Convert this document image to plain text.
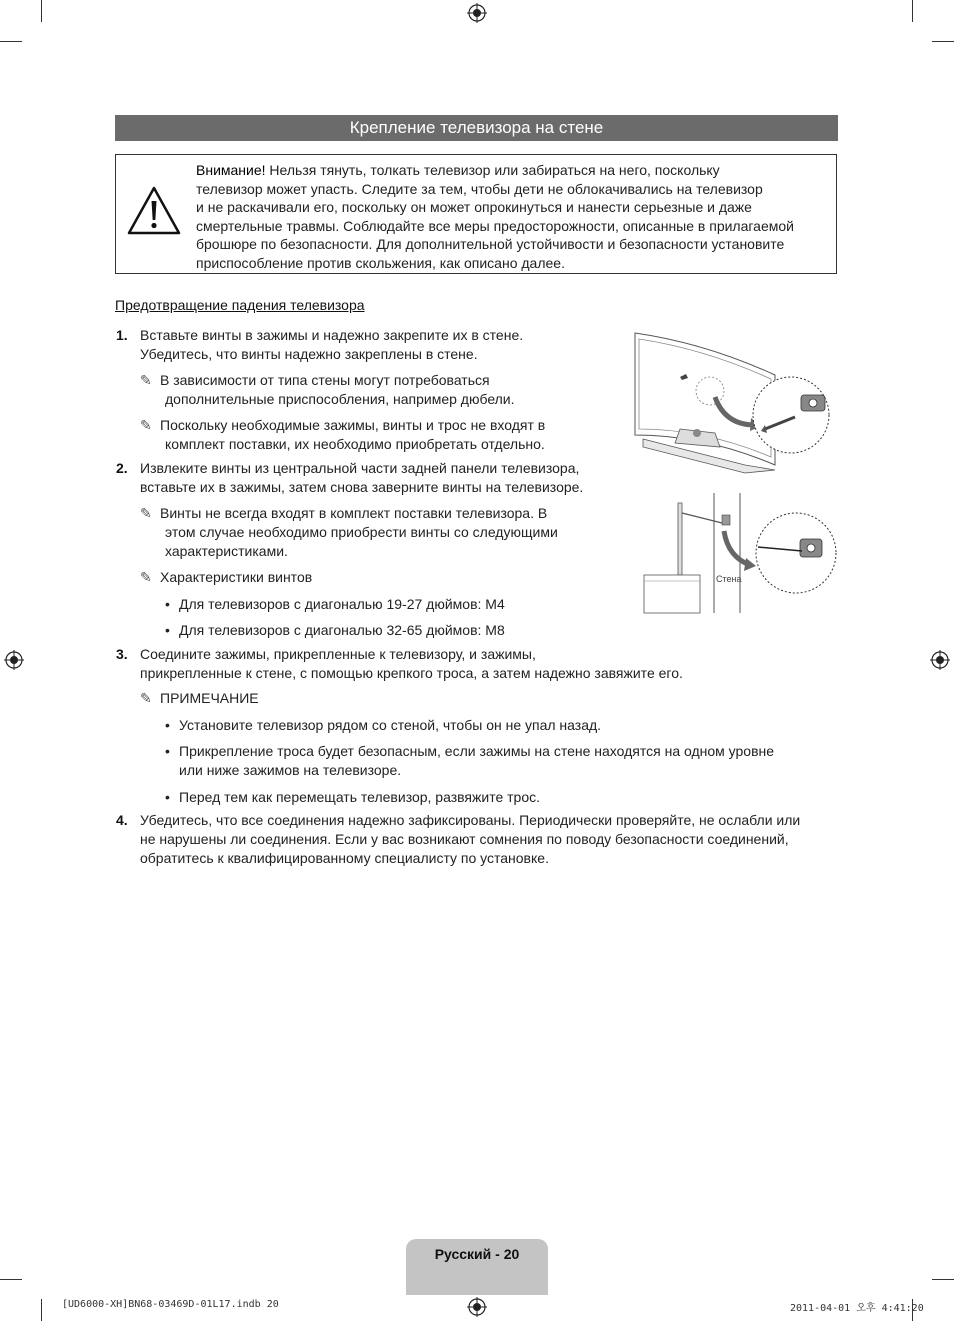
Крепление телевизора на стене
Внимание! Нельзя тянуть, толкать телевизор или забираться на него, поскольку
телевизор может упасть. Следите за тем, чтобы дети не облокачивались на телевизор
и не раскачивали его, поскольку он может опрокинуться и нанести серьезные и даже
смертельные травмы. Соблюдайте все меры предосторожности, описанные в прилагаемой
брошюре по безопасности. Для дополнительной устойчивости и безопасности установите
приспособление против скольжения, как описано далее.
Предотвращение падения телевизора
1. Вставьте винты в зажимы и надежно закрепите их в стене.
Убедитесь, что винты надежно закреплены в стене.
✎ В зависимости от типа стены могут потребоваться
дополнительные приспособления, например дюбели.
✎ Поскольку необходимые зажимы, винты и трос не входят в
комплект поставки, их необходимо приобретать отдельно.
2. Извлеките винты из центральной части задней панели телевизора,
вставьте их в зажимы, затем снова заверните винты на телевизоре.
✎ Винты не всегда входят в комплект поставки телевизора. В
этом случае необходимо приобрести винты со следующими
характеристиками.
✎ Характеристики винтов
• Для телевизоров с диагональю 19-27 дюймов: M4
• Для телевизоров с диагональю 32-65 дюймов: M8
3. Соедините зажимы, прикрепленные к телевизору, и зажимы,
прикрепленные к стене, с помощью крепкого троса, а затем надежно завяжите его.
✎ ПРИМЕЧАНИЕ
• Установите телевизор рядом со стеной, чтобы он не упал назад.
• Прикрепление троса будет безопасным, если зажимы на стене находятся на одном уровне
или ниже зажимов на телевизоре.
• Перед тем как перемещать телевизор, развяжите трос.
4. Убедитесь, что все соединения надежно зафиксированы. Периодически проверяйте, не ослабли или
не нарушены ли соединения. Если у вас возникают сомнения по поводу безопасности соединений,
обратитесь к квалифицированному специалисту по установке.
Стена
Русский - 20
[UD6000-XH]BN68-03469D-01L17.indb 20	2011-04-01 오후 4:41:20
